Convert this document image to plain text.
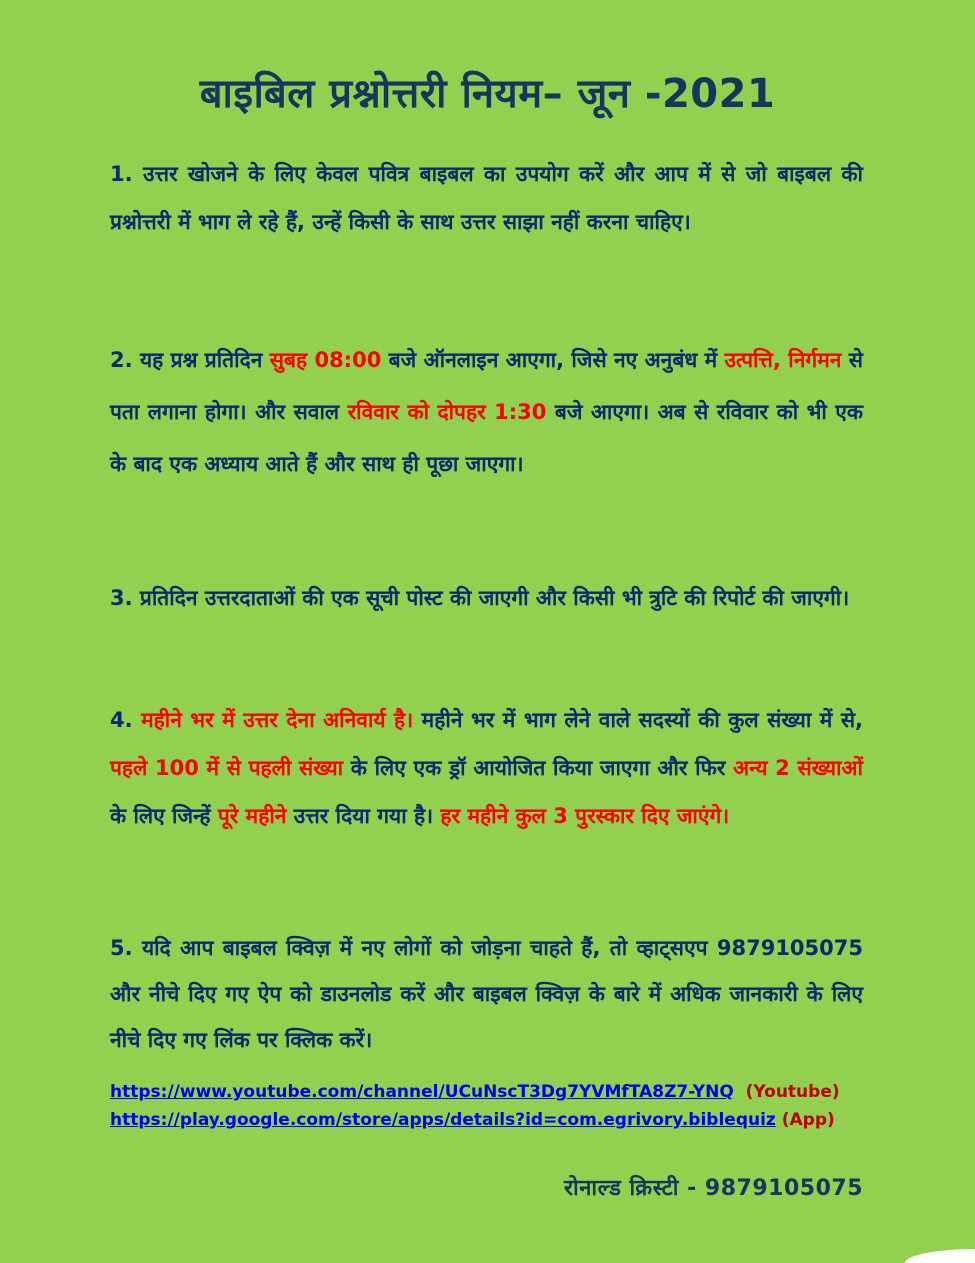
बाइबिल प्रश्नोत्तरी नियम– जून -2021
1. उत्तर खोजने के लिए केवल पवित्र बाइबल का उपयोग करें और आप में से जो बाइबल की प्रश्नोत्तरी में भाग ले रहे हैं, उन्हें किसी के साथ उत्तर साझा नहीं करना चाहिए।
2. यह प्रश्न प्रतिदिन सुबह 08:00 बजे ऑनलाइन आएगा, जिसे नए अनुबंध में उत्पत्ति, निर्गमन से पता लगाना होगा। और सवाल रविवार को दोपहर 1:30 बजे आएगा। अब से रविवार को भी एक के बाद एक अध्याय आते हैं और साथ ही पूछा जाएगा।
3. प्रतिदिन उत्तरदाताओं की एक सूची पोस्ट की जाएगी और किसी भी त्रुटि की रिपोर्ट की जाएगी।
4. महीने भर में उत्तर देना अनिवार्य है। महीने भर में भाग लेने वाले सदस्यों की कुल संख्या में से, पहले 100 में से पहली संख्या के लिए एक ड्रॉ आयोजित किया जाएगा और फिर अन्य 2 संख्याओं के लिए जिन्हें पूरे महीने उत्तर दिया गया है। हर महीने कुल 3 पुरस्कार दिए जाएंगे।
5. यदि आप बाइबल क्विज़ में नए लोगों को जोड़ना चाहते हैं, तो व्हाट्सएप 9879105075 और नीचे दिए गए ऐप को डाउनलोड करें और बाइबल क्विज़ के बारे में अधिक जानकारी के लिए नीचे दिए गए लिंक पर क्लिक करें।
https://www.youtube.com/channel/UCuNscT3Dg7YVMfTA8Z7-YNQ (Youtube)
https://play.google.com/store/apps/details?id=com.egrivory.biblequiz (App)
रोनाल्ड क्रिस्टी - 9879105075
